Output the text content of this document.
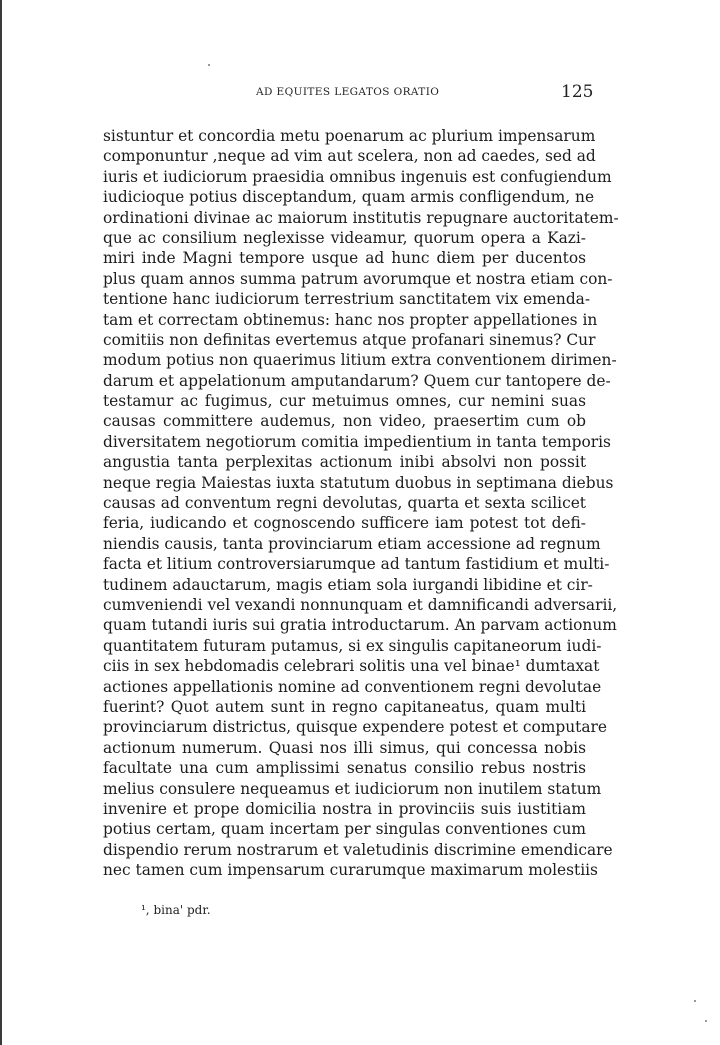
AD EQUITES LEGATOS ORATIO	125
sistuntur et concordia metu poenarum ac plurium impensarum
componuntur ,neque ad vim aut scelera, non ad caedes, sed ad
iuris et iudiciorum praesidia omnibus ingenuis est confugiendum
iudicioque potius disceptandum, quam armis confligendum, ne
ordinationi divinae ac maiorum institutis repugnare auctoritatem-
que ac consilium neglexisse videamur, quorum opera a Kazi-
miri inde Magni tempore usque ad hunc diem per ducentos
plus quam annos summa patrum avorumque et nostra etiam con-
tentione hanc iudiciorum terrestrium sanctitatem vix emenda-
tam et correctam obtinemus: hanc nos propter appellationes in
comitiis non definitas evertemus atque profanari sinemus? Cur
modum potius non quaerimus litium extra conventionem dirimen-
darum et appelationum amputandarum? Quem cur tantopere de-
testamur ac fugimus, cur metuimus omnes, cur nemini suas
causas committere audemus, non video, praesertim cum ob
diversitatem negotiorum comitia impedientium in tanta temporis
angustia tanta perplexitas actionum inibi absolvi non possit
neque regia Maiestas iuxta statutum duobus in septimana diebus
causas ad conventum regni devolutas, quarta et sexta scilicet
feria, iudicando et cognoscendo sufficere iam potest tot defi-
niendis causis, tanta provinciarum etiam accessione ad regnum
facta et litium controversiarumque ad tantum fastidium et multi-
tudinem adauctarum, magis etiam sola iurgandi libidine et cir-
cumveniendi vel vexandi nonnunquam et damnificandi adversarii,
quam tutandi iuris sui gratia introductarum. An parvam actionum
quantitatem futuram putamus, si ex singulis capitaneorum iudi-
ciis in sex hebdomadis celebrari solitis una vel binae¹ dumtaxat
actiones appellationis nomine ad conventionem regni devolutae
fuerint? Quot autem sunt in regno capitaneatus, quam multi
provinciarum districtus, quisque expendere potest et computare
actionum numerum. Quasi nos illi simus, qui concessa nobis
facultate una cum amplissimi senatus consilio rebus nostris
melius consulere nequeamus et iudiciorum non inutilem statum
invenire et prope domicilia nostra in provinciis suis iustitiam
potius certam, quam incertam per singulas conventiones cum
dispendio rerum nostrarum et valetudinis discrimine emendicare
nec tamen cum impensarum curarumque maximarum molestiis
¹, bina' pdr.
